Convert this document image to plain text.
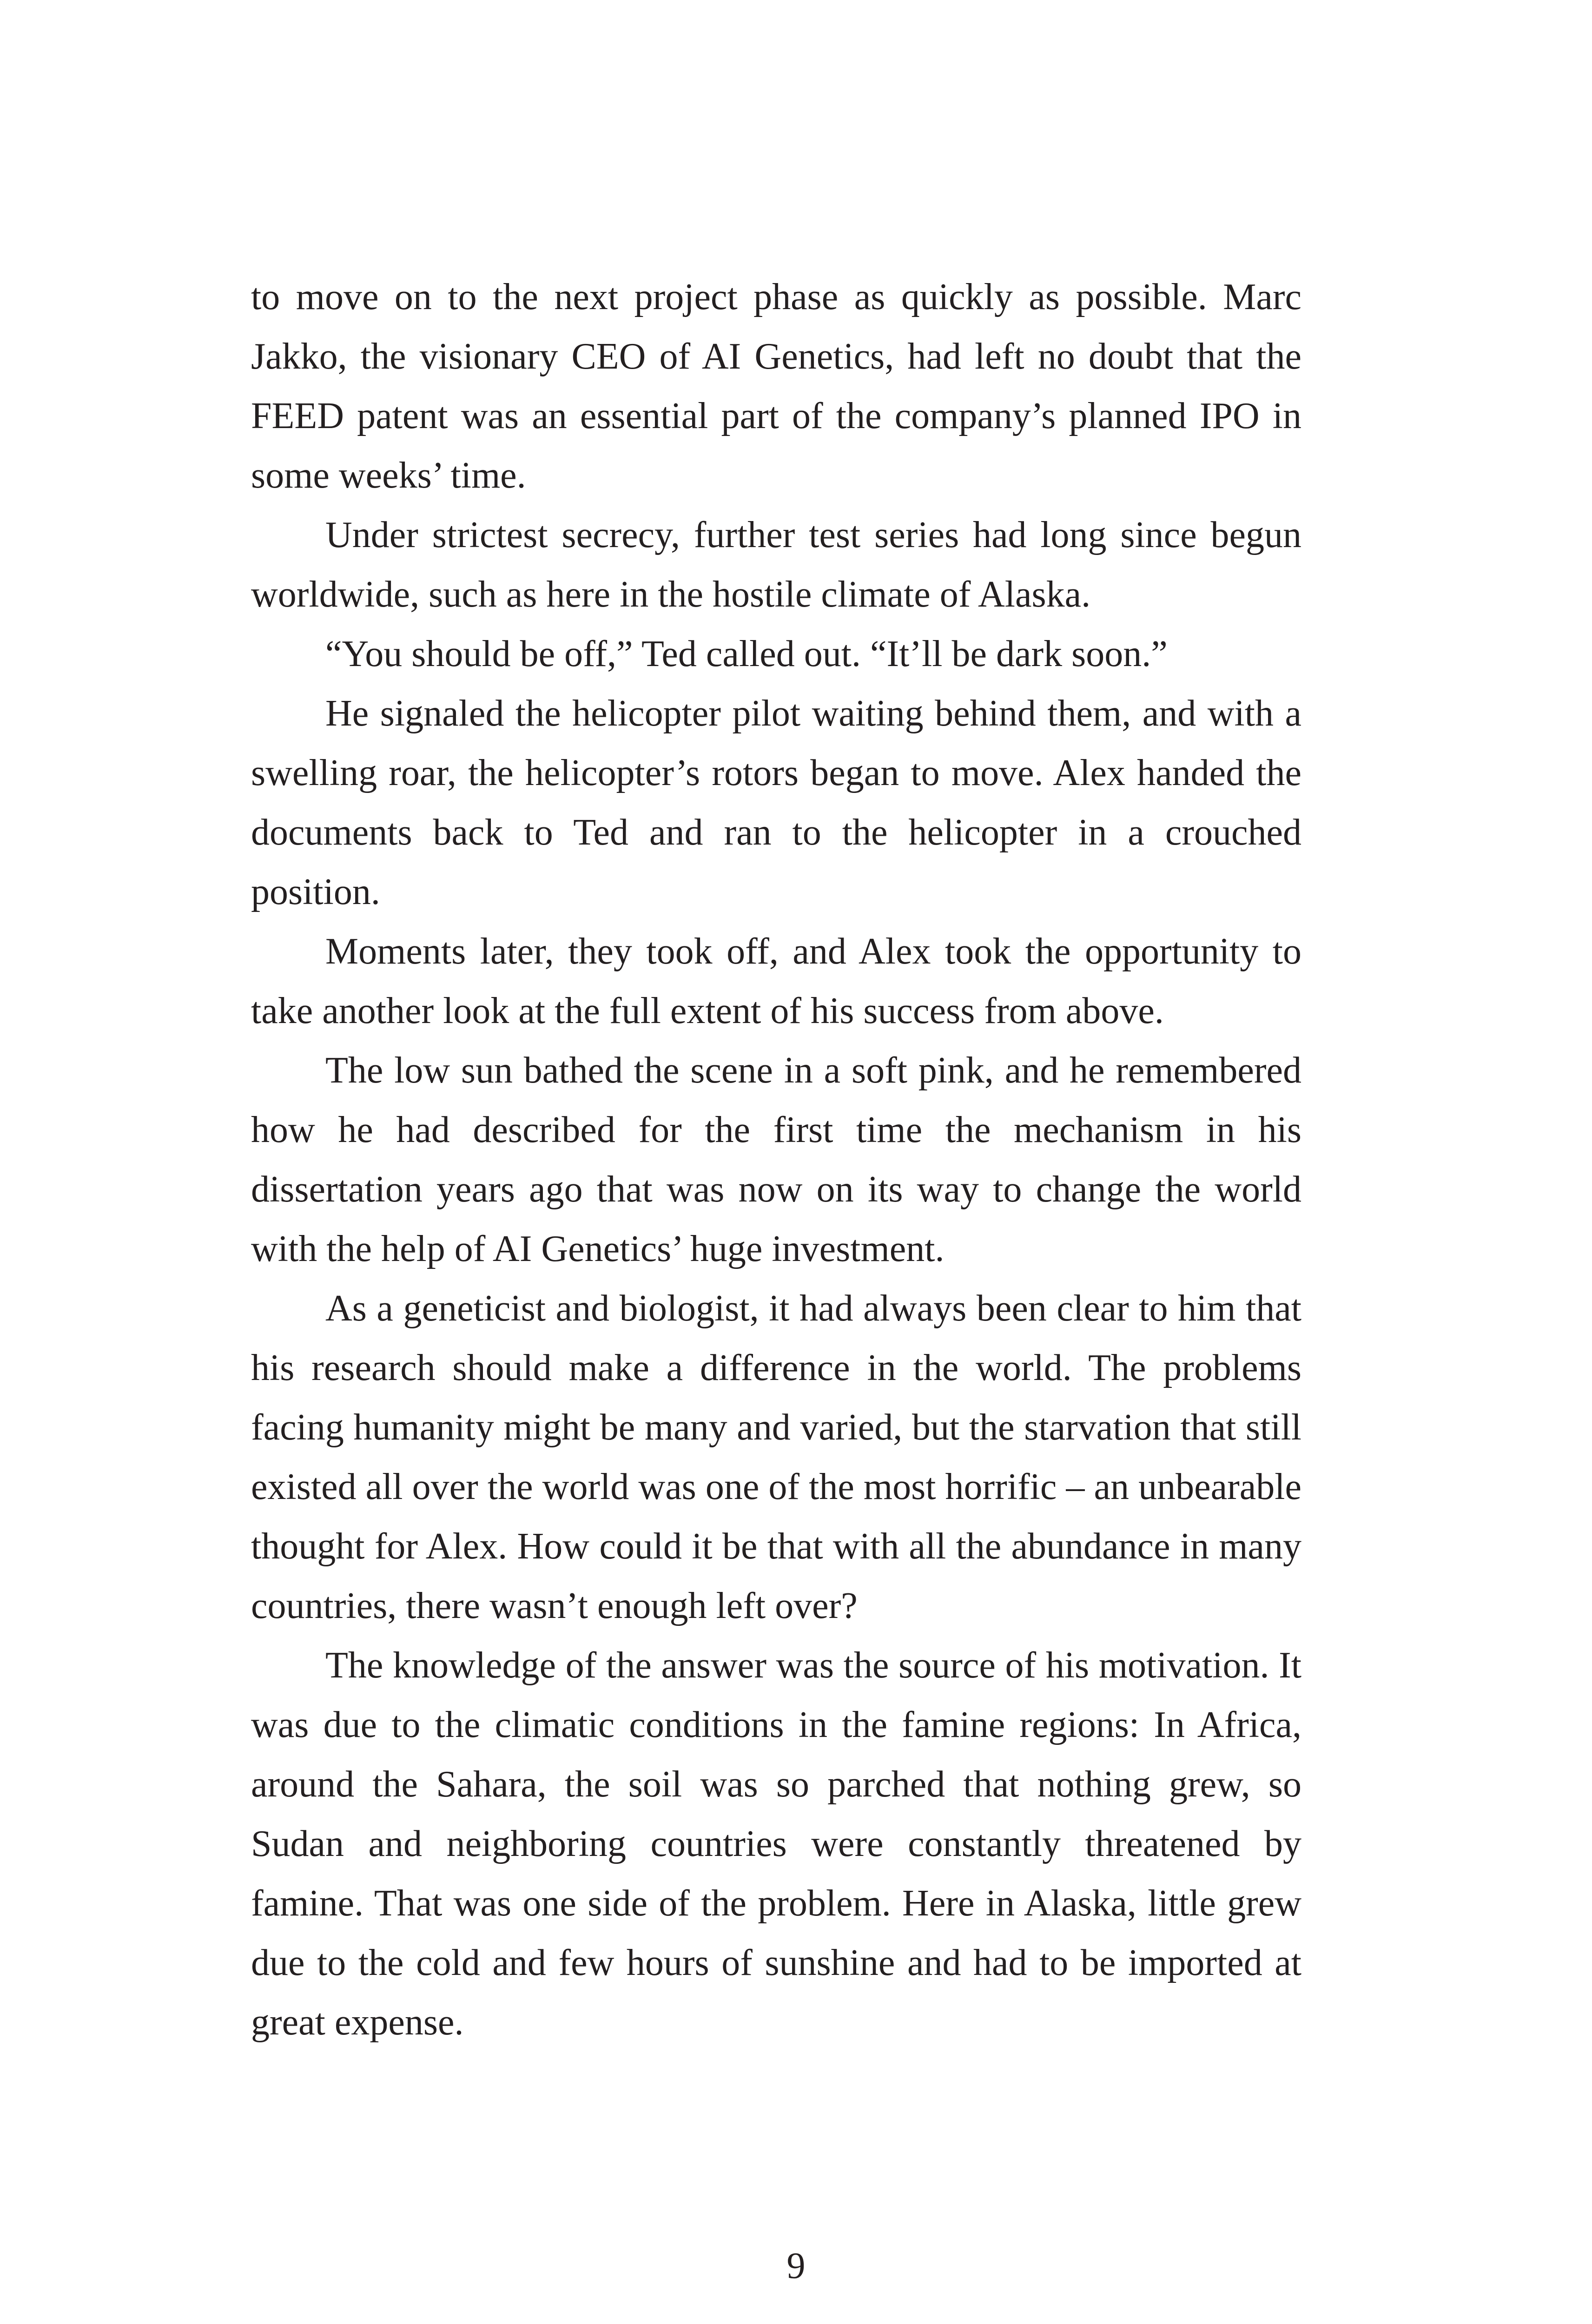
to move on to the next project phase as quickly as possible. Marc Jakko, the visionary CEO of AI Genetics, had left no doubt that the FEED patent was an essential part of the company’s planned IPO in some weeks’ time.

Under strictest secrecy, further test series had long since begun worldwide, such as here in the hostile climate of Alaska.

“You should be off,” Ted called out. “It’ll be dark soon.”

He signaled the helicopter pilot waiting behind them, and with a swelling roar, the helicopter’s rotors began to move. Alex handed the documents back to Ted and ran to the helicopter in a crouched position.

Moments later, they took off, and Alex took the opportunity to take another look at the full extent of his success from above.

The low sun bathed the scene in a soft pink, and he remembered how he had described for the first time the mechanism in his dissertation years ago that was now on its way to change the world with the help of AI Genetics’ huge investment.

As a geneticist and biologist, it had always been clear to him that his research should make a difference in the world. The problems facing humanity might be many and varied, but the starvation that still existed all over the world was one of the most horrific – an unbearable thought for Alex. How could it be that with all the abundance in many countries, there wasn’t enough left over?

The knowledge of the answer was the source of his motivation. It was due to the climatic conditions in the famine regions: In Africa, around the Sahara, the soil was so parched that nothing grew, so Sudan and neighboring countries were constantly threatened by famine. That was one side of the problem. Here in Alaska, little grew due to the cold and few hours of sunshine and had to be imported at great expense.

9
